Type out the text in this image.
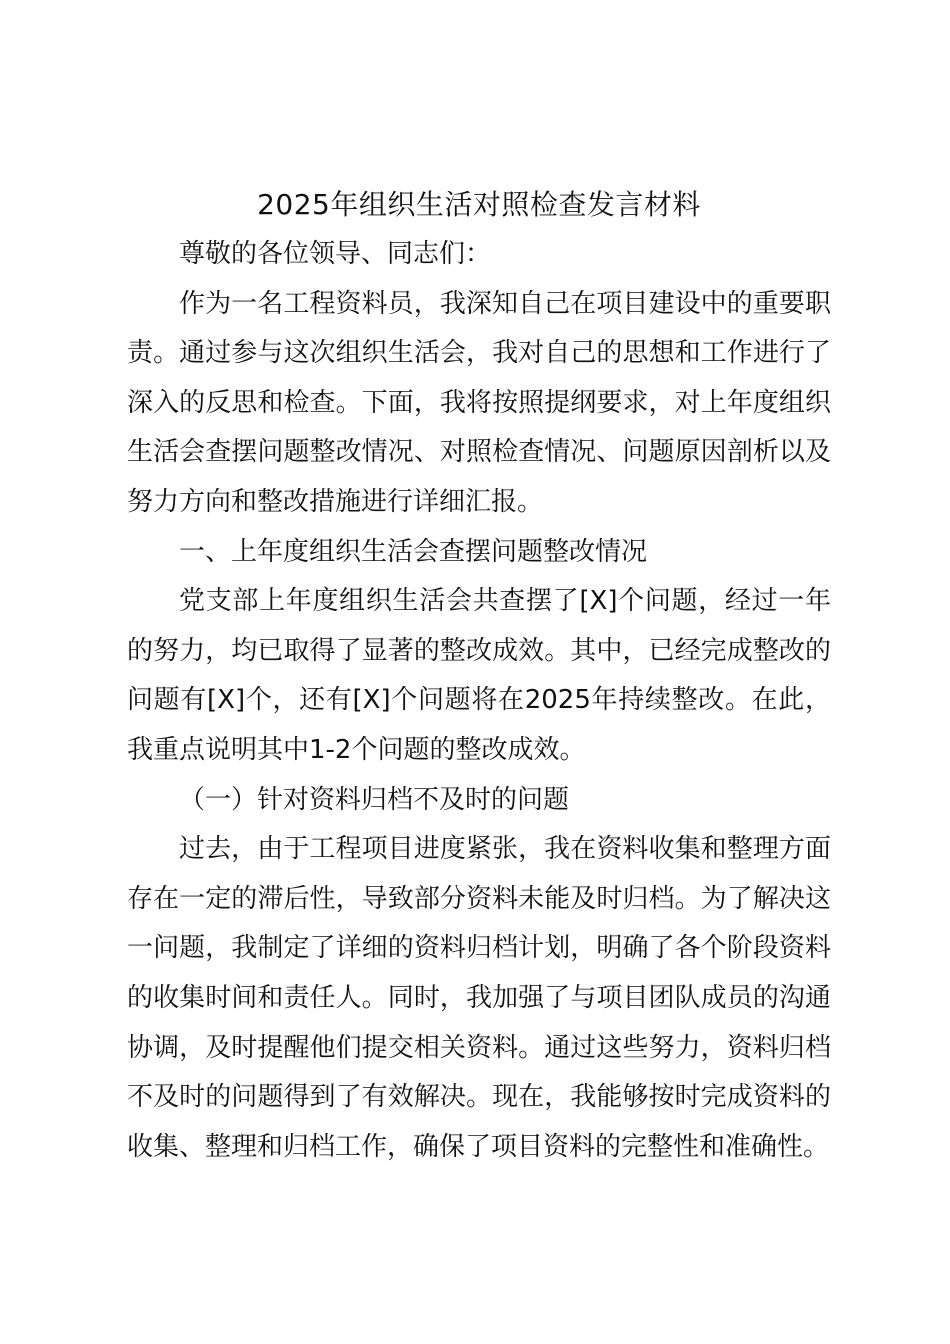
2025年组织生活对照检查发言材料

尊敬的各位领导、同志们：

作为一名工程资料员，我深知自己在项目建设中的重要职责。通过参与这次组织生活会，我对自己的思想和工作进行了深入的反思和检查。下面，我将按照提纲要求，对上年度组织生活会查摆问题整改情况、对照检查情况、问题原因剖析以及努力方向和整改措施进行详细汇报。

一、上年度组织生活会查摆问题整改情况

党支部上年度组织生活会共查摆了[X]个问题，经过一年的努力，均已取得了显著的整改成效。其中，已经完成整改的问题有[X]个，还有[X]个问题将在2025年持续整改。在此，我重点说明其中1-2个问题的整改成效。

（一）针对资料归档不及时的问题

过去，由于工程项目进度紧张，我在资料收集和整理方面存在一定的滞后性，导致部分资料未能及时归档。为了解决这一问题，我制定了详细的资料归档计划，明确了各个阶段资料的收集时间和责任人。同时，我加强了与项目团队成员的沟通协调，及时提醒他们提交相关资料。通过这些努力，资料归档不及时的问题得到了有效解决。现在，我能够按时完成资料的收集、整理和归档工作，确保了项目资料的完整性和准确性。
